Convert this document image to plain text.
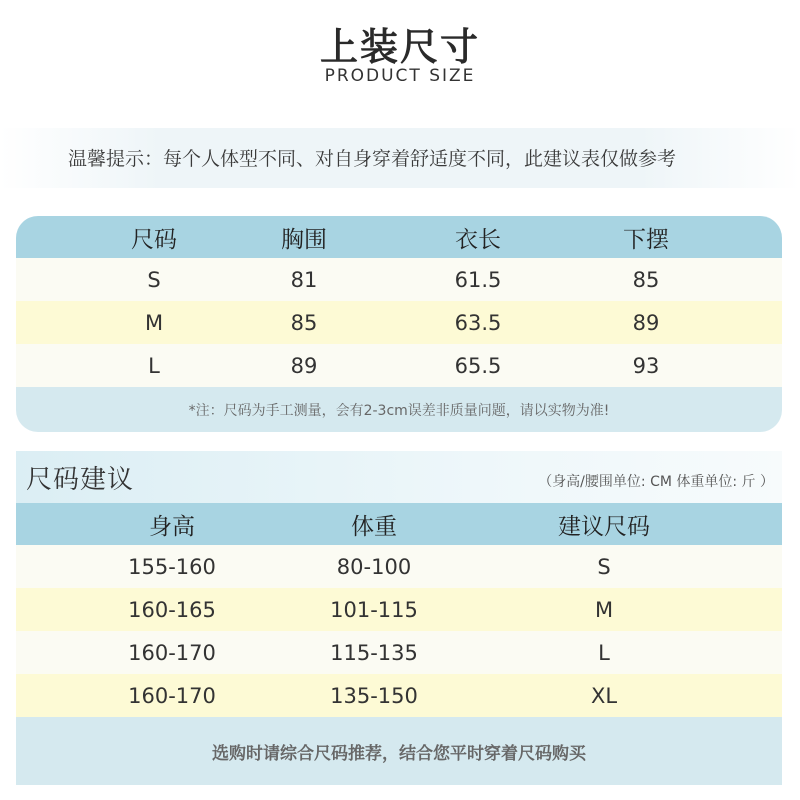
上装尺寸
PRODUCT SIZE
温馨提示：每个人体型不同、对自身穿着舒适度不同，此建议表仅做参考
尺码	胸围	衣长	下摆
S	81	61.5	85
M	85	63.5	89
L	89	65.5	93
*注：尺码为手工测量，会有2-3cm误差非质量问题，请以实物为准!
尺码建议	（身高/腰围单位: CM 体重单位: 斤 ）
身高	体重	建议尺码
155-160	80-100	S
160-165	101-115	M
160-170	115-135	L
160-170	135-150	XL
选购时请综合尺码推荐，结合您平时穿着尺码购买
